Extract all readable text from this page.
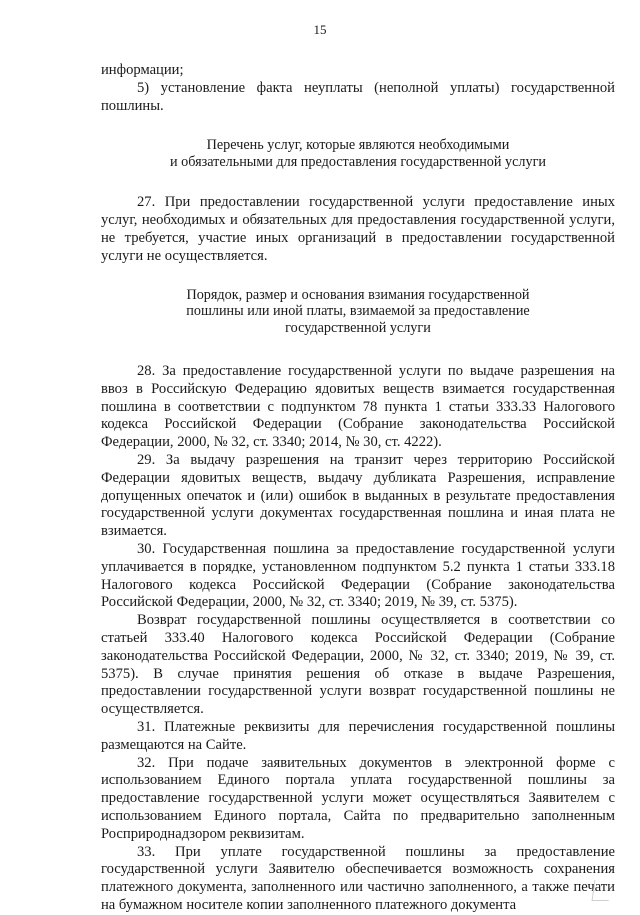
15

информации;

5) установление факта неуплаты (неполной уплаты) государственной пошлины.

Перечень услуг, которые являются необходимыми
и обязательными для предоставления государственной услуги

27. При предоставлении государственной услуги предоставление иных услуг, необходимых и обязательных для предоставления государственной услуги, не требуется, участие иных организаций в предоставлении государственной услуги не осуществляется.

Порядок, размер и основания взимания государственной
пошлины или иной платы, взимаемой за предоставление
государственной услуги

28. За предоставление государственной услуги по выдаче разрешения на ввоз в Российскую Федерацию ядовитых веществ взимается государственная пошлина в соответствии с подпунктом 78 пункта 1 статьи 333.33 Налогового кодекса Российской Федерации (Собрание законодательства Российской Федерации, 2000, № 32, ст. 3340; 2014, № 30, ст. 4222).

29. За выдачу разрешения на транзит через территорию Российской Федерации ядовитых веществ, выдачу дубликата Разрешения, исправление допущенных опечаток и (или) ошибок в выданных в результате предоставления государственной услуги документах государственная пошлина и иная плата не взимается.

30. Государственная пошлина за предоставление государственной услуги уплачивается в порядке, установленном подпунктом 5.2 пункта 1 статьи 333.18 Налогового кодекса Российской Федерации (Собрание законодательства Российской Федерации, 2000, № 32, ст. 3340; 2019, № 39, ст. 5375).

Возврат государственной пошлины осуществляется в соответствии со статьей 333.40 Налогового кодекса Российской Федерации (Собрание законодательства Российской Федерации, 2000, № 32, ст. 3340; 2019, № 39, ст. 5375). В случае принятия решения об отказе в выдаче Разрешения, предоставлении государственной услуги возврат государственной пошлины не осуществляется.

31. Платежные реквизиты для перечисления государственной пошлины размещаются на Сайте.

32. При подаче заявительных документов в электронной форме с использованием Единого портала уплата государственной пошлины за предоставление государственной услуги может осуществляться Заявителем с использованием Единого портала, Сайта по предварительно заполненным Росприроднадзором реквизитам.

33. При уплате государственной пошлины за предоставление государственной услуги Заявителю обеспечивается возможность сохранения платежного документа, заполненного или частично заполненного, а также печати на бумажном носителе копии заполненного платежного документа
